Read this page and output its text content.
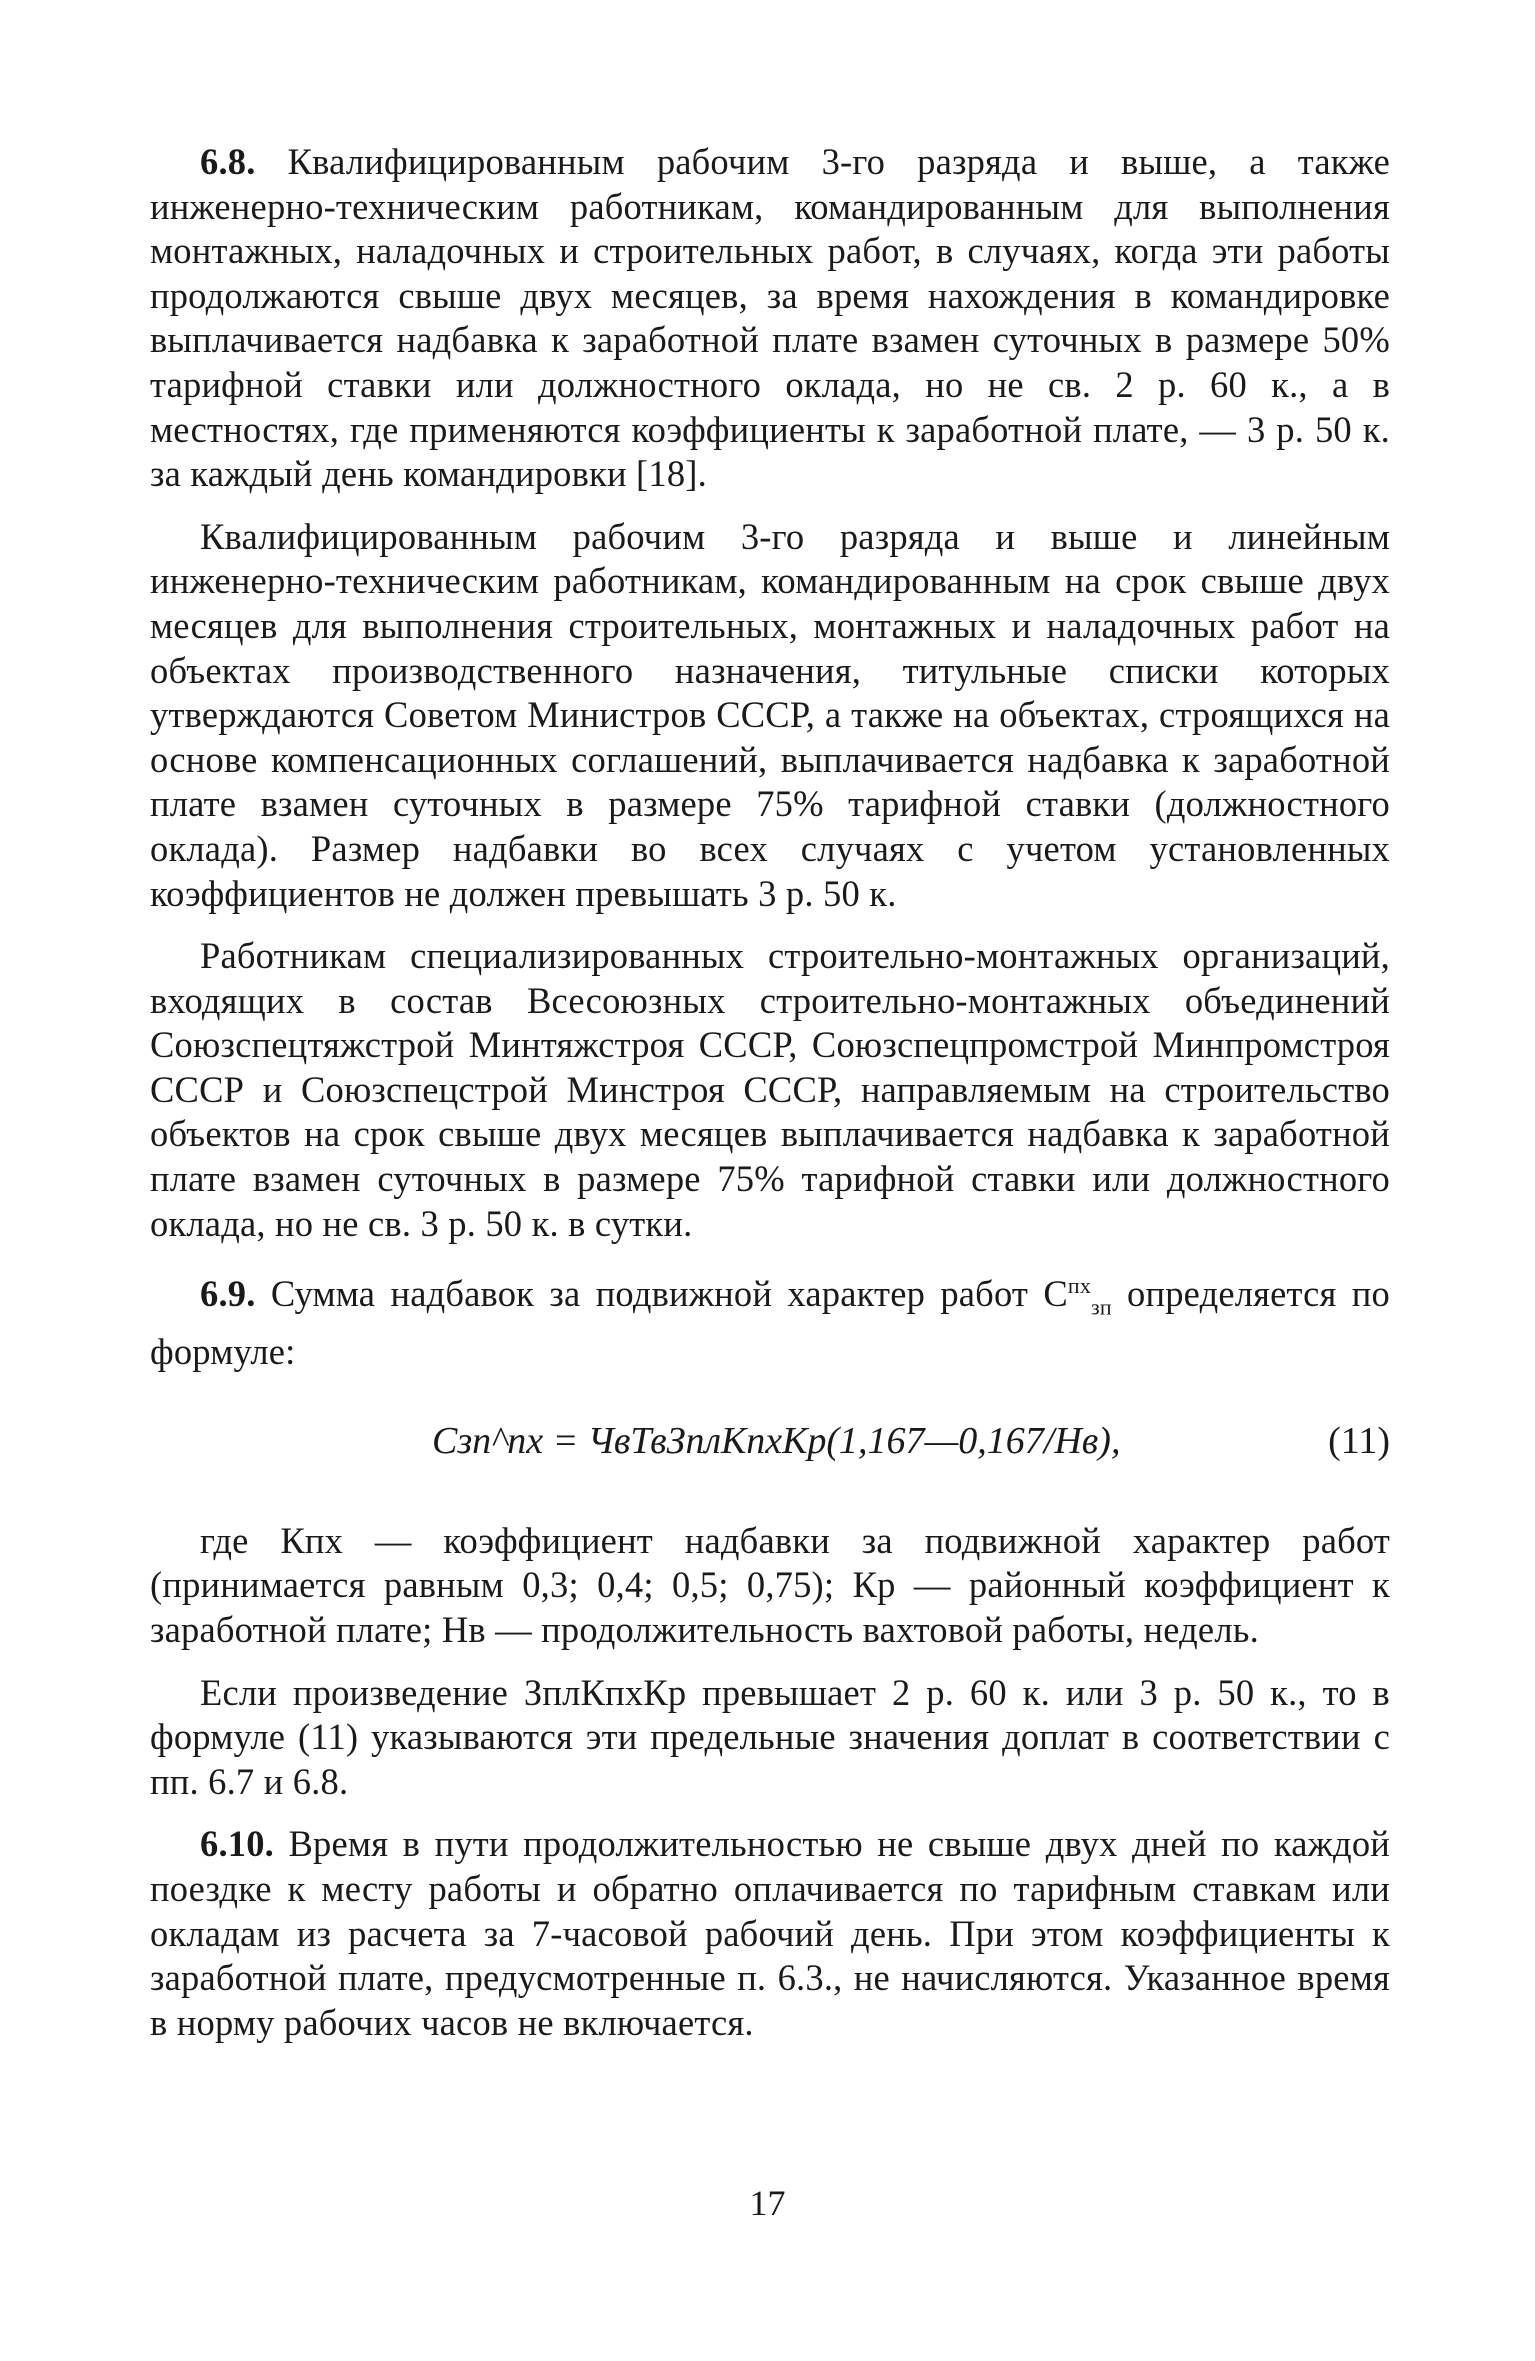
6.8. Квалифицированным рабочим 3-го разряда и выше, а также инженерно-техническим работникам, командированным для выполнения монтажных, наладочных и строительных работ, в случаях, когда эти работы продолжаются свыше двух месяцев, за время нахождения в командировке выплачивается надбавка к заработной плате взамен суточных в размере 50% тарифной ставки или должностного оклада, но не св. 2 р. 60 к., а в местностях, где применяются коэффициенты к заработной плате, — 3 р. 50 к. за каждый день командировки [18].

Квалифицированным рабочим 3-го разряда и выше и линейным инженерно-техническим работникам, командированным на срок свыше двух месяцев для выполнения строительных, монтажных и наладочных работ на объектах производственного назначения, титульные списки которых утверждаются Советом Министров СССР, а также на объектах, строящихся на основе компенсационных соглашений, выплачивается надбавка к заработной плате взамен суточных в размере 75% тарифной ставки (должностного оклада). Размер надбавки во всех случаях с учетом установленных коэффициентов не должен превышать 3 р. 50 к.

Работникам специализированных строительно-монтажных организаций, входящих в состав Всесоюзных строительно-монтажных объединений Союзспецтяжстрой Минтяжстроя СССР, Союзспецпромстрой Минпромстроя СССР и Союзспецстрой Минстроя СССР, направляемым на строительство объектов на срок свыше двух месяцев выплачивается надбавка к заработной плате взамен суточных в размере 75% тарифной ставки или должностного оклада, но не св. 3 р. 50 к. в сутки.

6.9. Сумма надбавок за подвижной характер работ $С^{пх}_{зп}$ определяется по формуле:

Cзп^пх = ЧвТвЗплКпхКр(1,167—0,167/Нв),	(11)

где Кпх — коэффициент надбавки за подвижной характер работ (принимается равным 0,3; 0,4; 0,5; 0,75); Кр — районный коэффициент к заработной плате; Нв — продолжительность вахтовой работы, недель.

Если произведение ЗплКпхКр превышает 2 р. 60 к. или 3 р. 50 к., то в формуле (11) указываются эти предельные значения доплат в соответствии с пп. 6.7 и 6.8.

6.10. Время в пути продолжительностью не свыше двух дней по каждой поездке к месту работы и обратно оплачивается по тарифным ставкам или окладам из расчета за 7-часовой рабочий день. При этом коэффициенты к заработной плате, предусмотренные п. 6.3., не начисляются. Указанное время в норму рабочих часов не включается.

17
